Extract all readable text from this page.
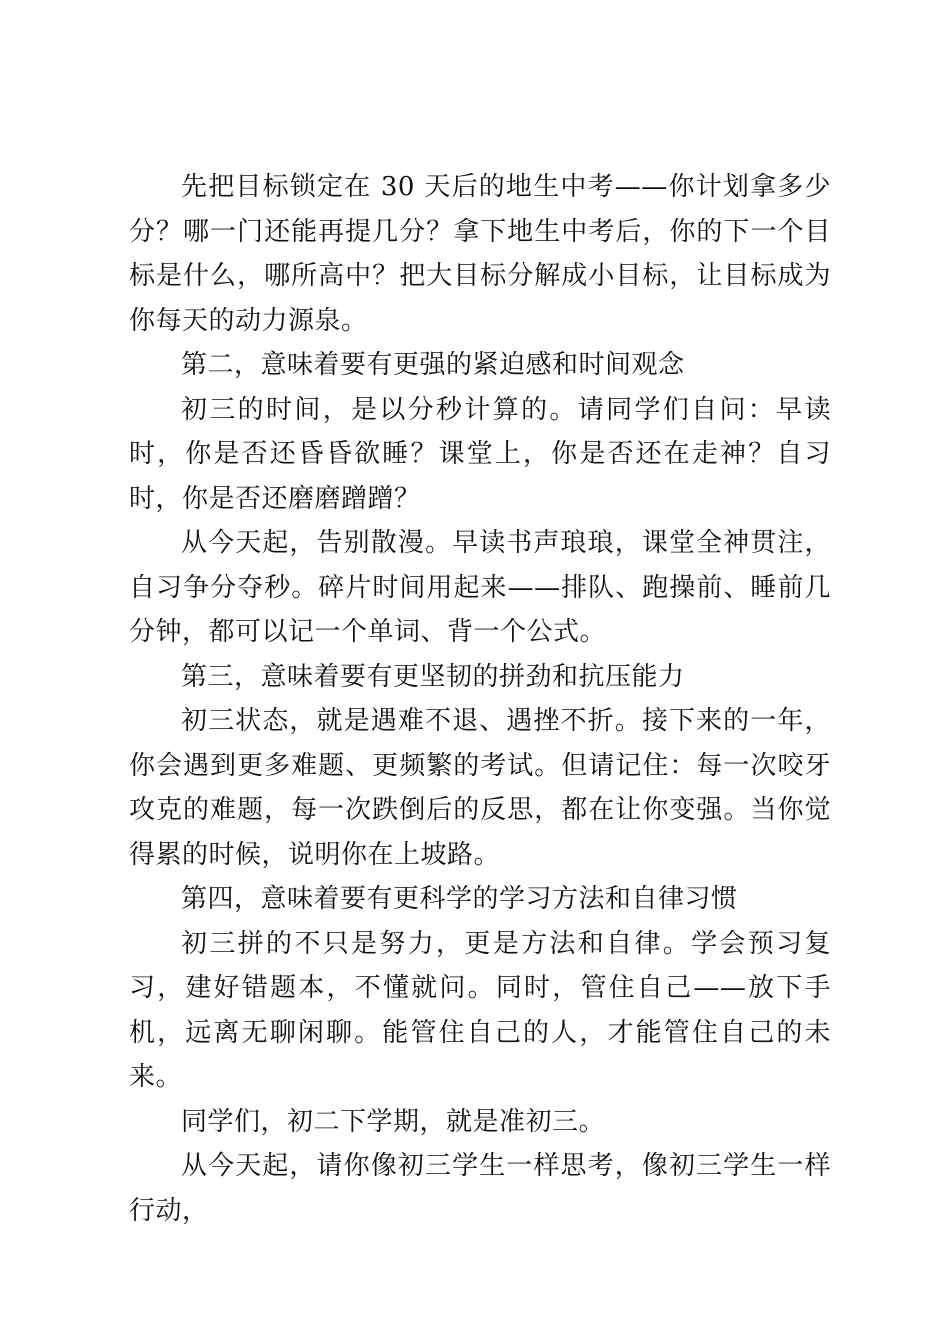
先把目标锁定在 30 天后的地生中考——你计划拿多少分？哪一门还能再提几分？拿下地生中考后，你的下一个目标是什么，哪所高中？把大目标分解成小目标，让目标成为你每天的动力源泉。

第二，意味着要有更强的紧迫感和时间观念

初三的时间，是以分秒计算的。请同学们自问：早读时，你是否还昏昏欲睡？课堂上，你是否还在走神？自习时，你是否还磨磨蹭蹭？

从今天起，告别散漫。早读书声琅琅，课堂全神贯注，自习争分夺秒。碎片时间用起来——排队、跑操前、睡前几分钟，都可以记一个单词、背一个公式。

第三，意味着要有更坚韧的拼劲和抗压能力

初三状态，就是遇难不退、遇挫不折。接下来的一年，你会遇到更多难题、更频繁的考试。但请记住：每一次咬牙攻克的难题，每一次跌倒后的反思，都在让你变强。当你觉得累的时候，说明你在上坡路。

第四，意味着要有更科学的学习方法和自律习惯

初三拼的不只是努力，更是方法和自律。学会预习复习，建好错题本，不懂就问。同时，管住自己——放下手机，远离无聊闲聊。能管住自己的人，才能管住自己的未来。

同学们，初二下学期，就是准初三。

从今天起，请你像初三学生一样思考，像初三学生一样行动，
